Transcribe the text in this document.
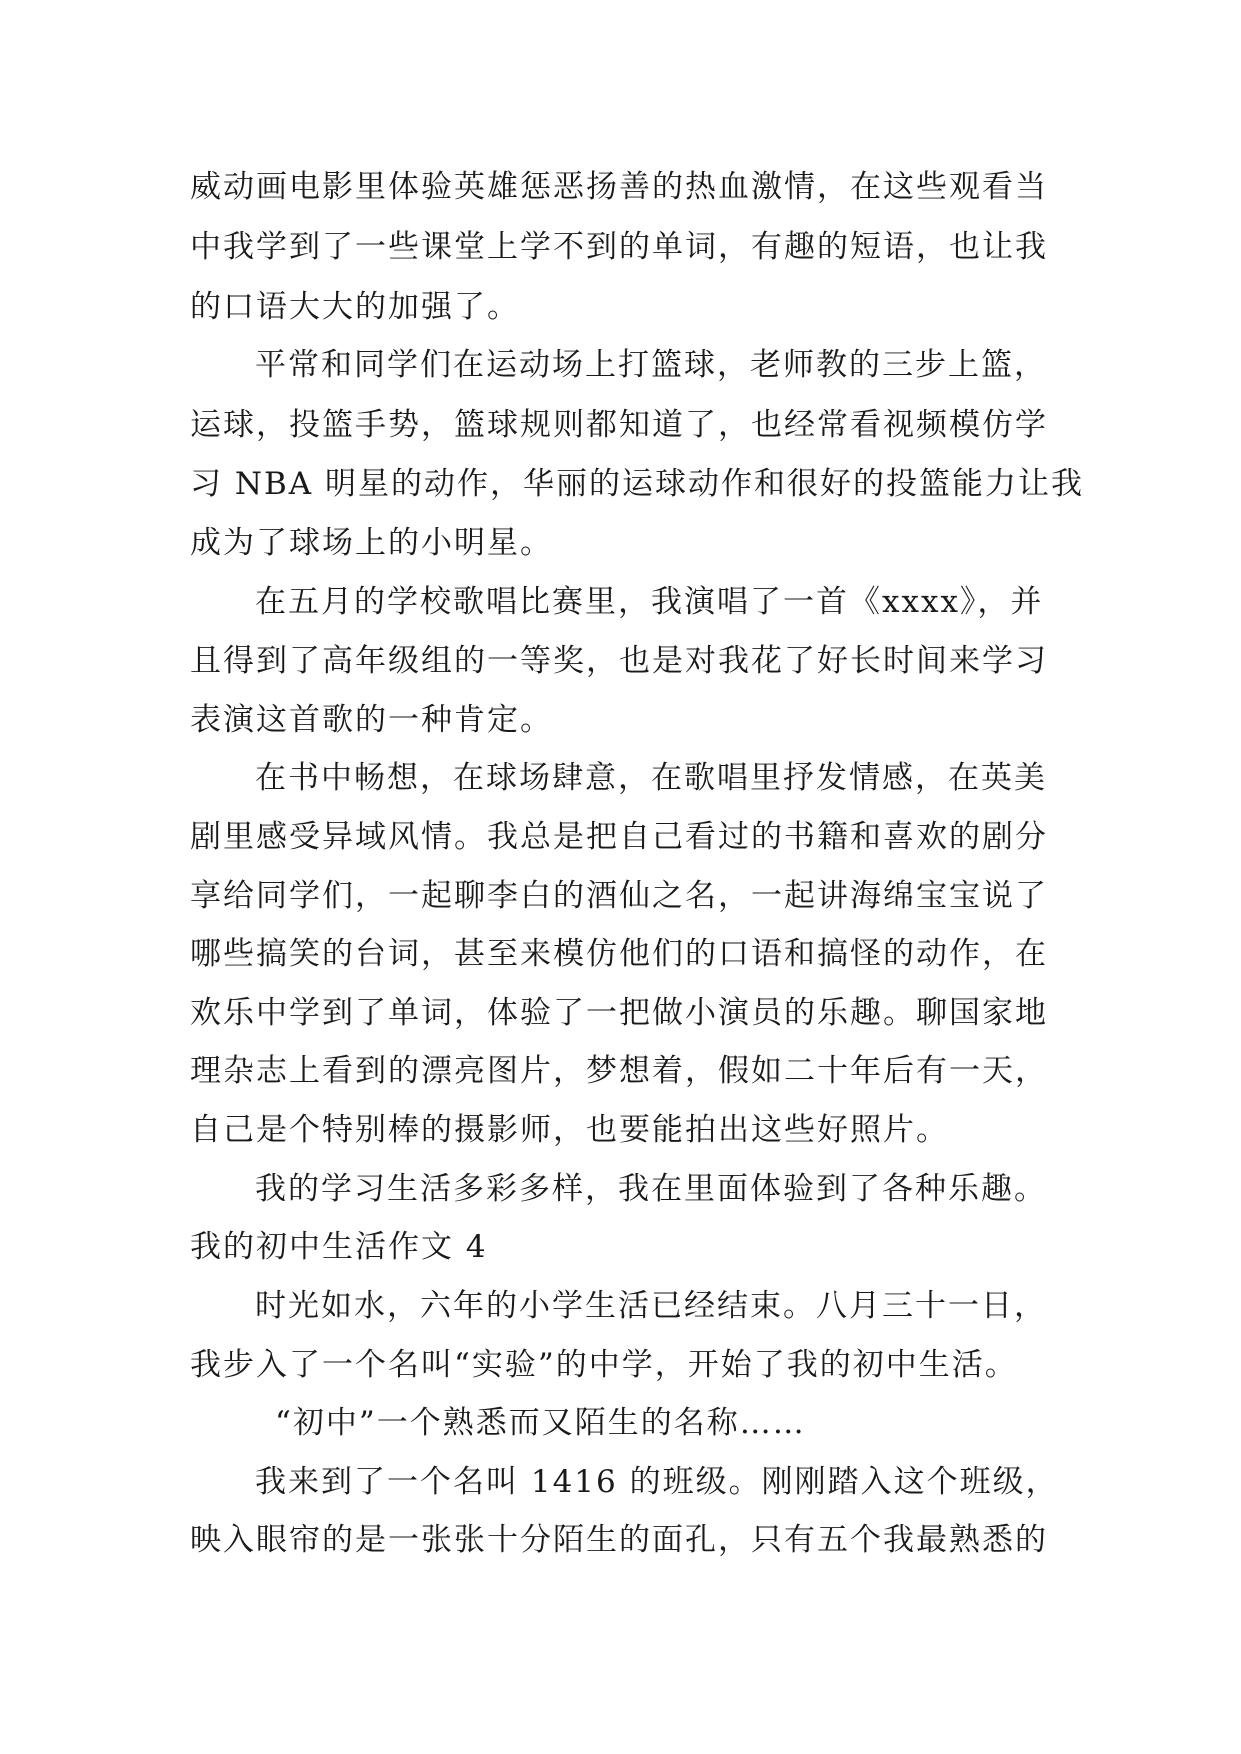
威动画电影里体验英雄惩恶扬善的热血激情，在这些观看当
中我学到了一些课堂上学不到的单词，有趣的短语，也让我
的口语大大的加强了。
平常和同学们在运动场上打篮球，老师教的三步上篮，
运球，投篮手势，篮球规则都知道了，也经常看视频模仿学
习 NBA 明星的动作，华丽的运球动作和很好的投篮能力让我
成为了球场上的小明星。
在五月的学校歌唱比赛里，我演唱了一首《xxxx》，并
且得到了高年级组的一等奖，也是对我花了好长时间来学习
表演这首歌的一种肯定。
在书中畅想，在球场肆意，在歌唱里抒发情感，在英美
剧里感受异域风情。我总是把自己看过的书籍和喜欢的剧分
享给同学们，一起聊李白的酒仙之名，一起讲海绵宝宝说了
哪些搞笑的台词，甚至来模仿他们的口语和搞怪的动作，在
欢乐中学到了单词，体验了一把做小演员的乐趣。聊国家地
理杂志上看到的漂亮图片，梦想着，假如二十年后有一天，
自己是个特别棒的摄影师，也要能拍出这些好照片。
我的学习生活多彩多样，我在里面体验到了各种乐趣。
我的初中生活作文 4
时光如水，六年的小学生活已经结束。八月三十一日，
我步入了一个名叫“实验”的中学，开始了我的初中生活。
“初中”一个熟悉而又陌生的名称……
我来到了一个名叫 1416 的班级。刚刚踏入这个班级，
映入眼帘的是一张张十分陌生的面孔，只有五个我最熟悉的
